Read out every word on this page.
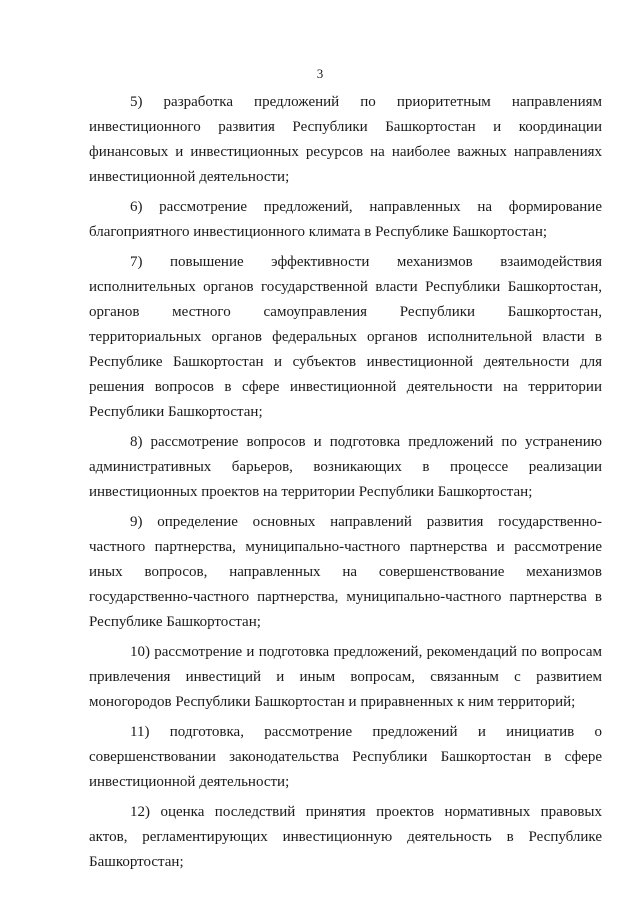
3

5) разработка предложений по приоритетным направлениям инвестиционного развития Республики Башкортостан и координации финансовых и инвестиционных ресурсов на наиболее важных направлениях инвестиционной деятельности;

6) рассмотрение предложений, направленных на формирование благоприятного инвестиционного климата в Республике Башкортостан;

7) повышение эффективности механизмов взаимодействия исполнительных органов государственной власти Республики Башкортостан, органов местного самоуправления Республики Башкортостан, территориальных органов федеральных органов исполнительной власти в Республике Башкортостан и субъектов инвестиционной деятельности для решения вопросов в сфере инвестиционной деятельности на территории Республики Башкортостан;

8) рассмотрение вопросов и подготовка предложений по устранению административных барьеров, возникающих в процессе реализации инвестиционных проектов на территории Республики Башкортостан;

9) определение основных направлений развития государственно-частного партнерства, муниципально-частного партнерства и рассмотрение иных вопросов, направленных на совершенствование механизмов государственно-частного партнерства, муниципально-частного партнерства в Республике Башкортостан;

10) рассмотрение и подготовка предложений, рекомендаций по вопросам привлечения инвестиций и иным вопросам, связанным с развитием моногородов Республики Башкортостан и приравненных к ним территорий;

11) подготовка, рассмотрение предложений и инициатив о совершенствовании законодательства Республики Башкортостан в сфере инвестиционной деятельности;

12) оценка последствий принятия проектов нормативных правовых актов, регламентирующих инвестиционную деятельность в Республике Башкортостан;
